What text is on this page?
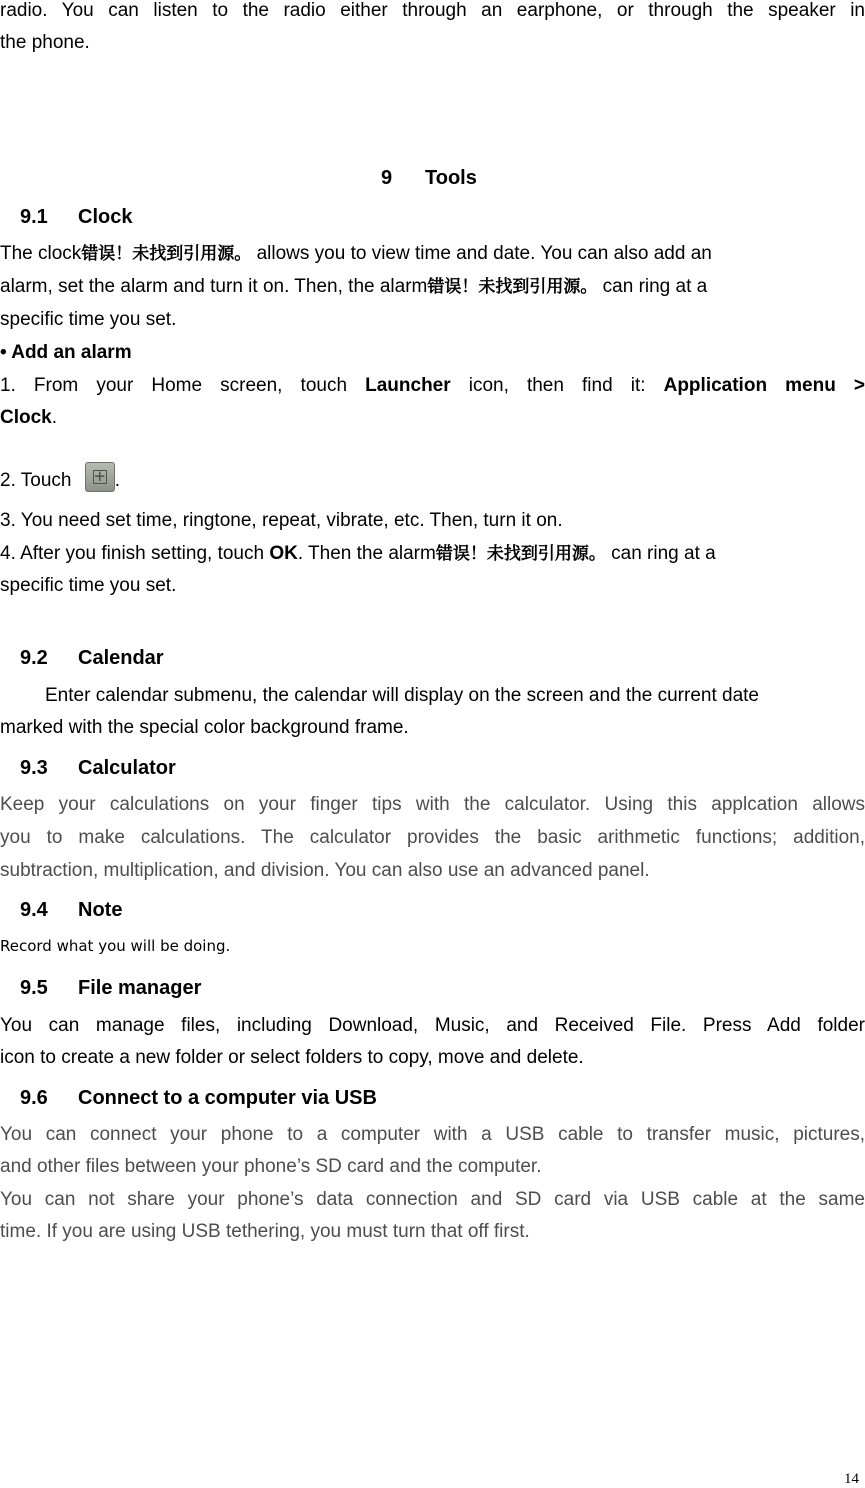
radio. You can listen to the radio either through an earphone, or through the speaker in
the phone.
9 Tools
9.1 Clock
The clock错误！未找到引用源。 allows you to view time and date. You can also add an
alarm, set the alarm and turn it on. Then, the alarm错误！未找到引用源。 can ring at a
specific time you set.
• Add an alarm
1. From your Home screen, touch Launcher icon, then find it: Application menu >
Clock.
2. Touch +.
3. You need set time, ringtone, repeat, vibrate, etc. Then, turn it on.
4. After you finish setting, touch OK. Then the alarm错误！未找到引用源。 can ring at a
specific time you set.
9.2 Calendar
Enter calendar submenu, the calendar will display on the screen and the current date
marked with the special color background frame.
9.3 Calculator
Keep your calculations on your finger tips with the calculator. Using this applcation allows
you to make calculations. The calculator provides the basic arithmetic functions; addition,
subtraction, multiplication, and division. You can also use an advanced panel.
9.4 Note
Record what you will be doing.
9.5 File manager
You can manage files, including Download, Music, and Received File. Press Add folder
icon to create a new folder or select folders to copy, move and delete.
9.6 Connect to a computer via USB
You can connect your phone to a computer with a USB cable to transfer music, pictures,
and other files between your phone’s SD card and the computer.
You can not share your phone’s data connection and SD card via USB cable at the same
time. If you are using USB tethering, you must turn that off first.
14
